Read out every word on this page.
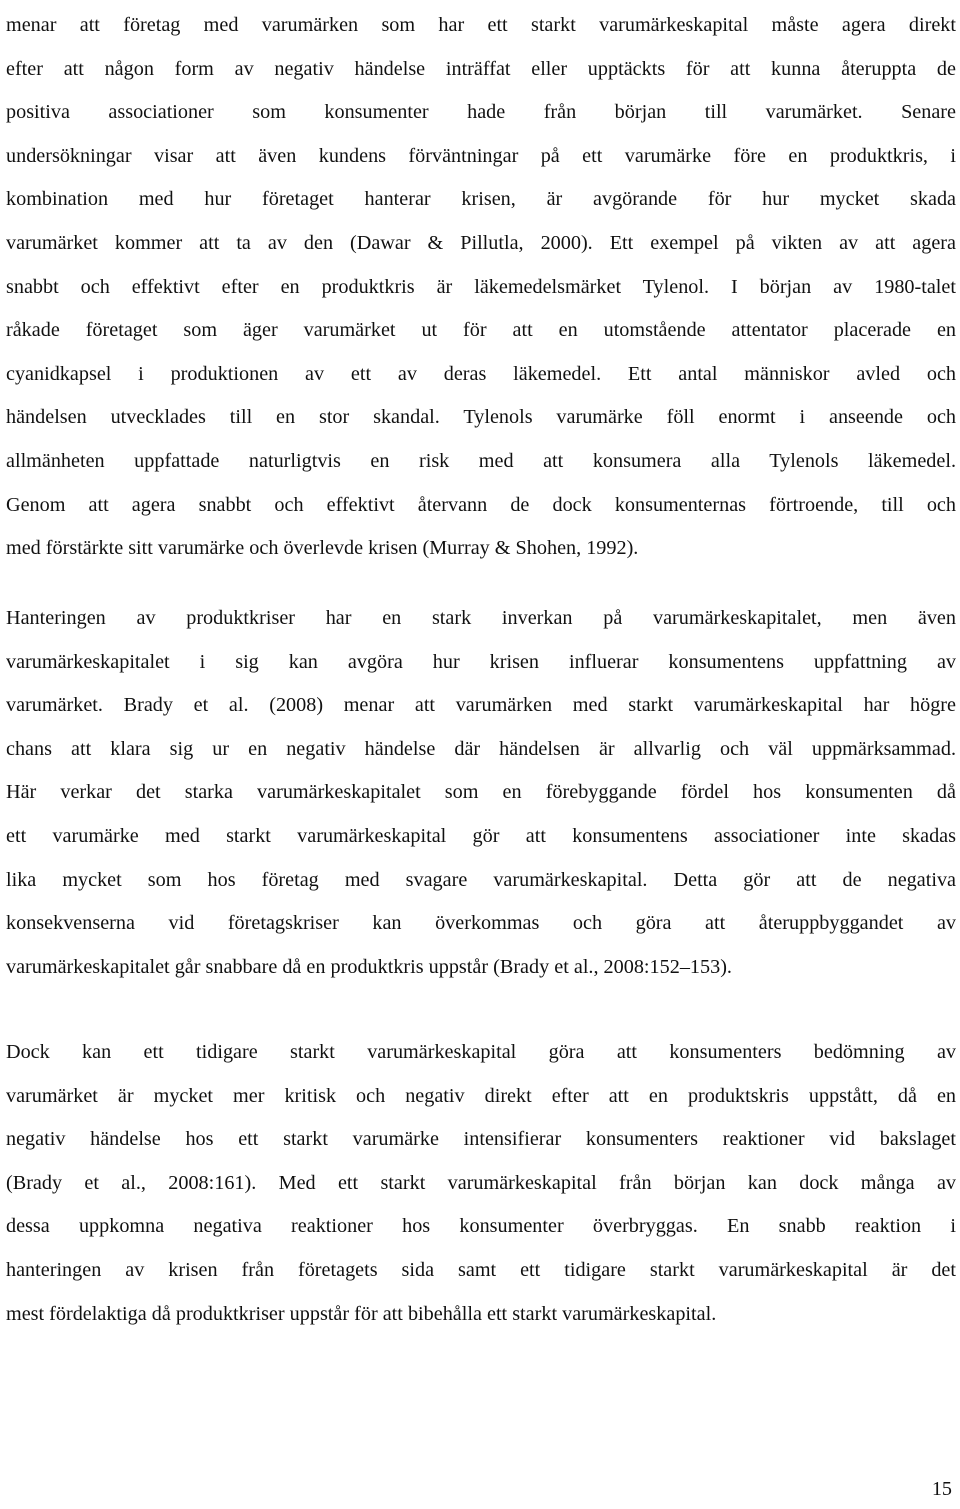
menar att företag med varumärken som har ett starkt varumärkeskapital måste agera direkt
efter att någon form av negativ händelse inträffat eller upptäckts för att kunna återuppta de
positiva associationer som konsumenter hade från början till varumärket. Senare
undersökningar visar att även kundens förväntningar på ett varumärke före en produktkris, i
kombination med hur företaget hanterar krisen, är avgörande för hur mycket skada
varumärket kommer att ta av den (Dawar & Pillutla, 2000). Ett exempel på vikten av att agera
snabbt och effektivt efter en produktkris är läkemedelsmärket Tylenol. I början av 1980-talet
råkade företaget som äger varumärket ut för att en utomstående attentator placerade en
cyanidkapsel i produktionen av ett av deras läkemedel. Ett antal människor avled och
händelsen utvecklades till en stor skandal. Tylenols varumärke föll enormt i anseende och
allmänheten uppfattade naturligtvis en risk med att konsumera alla Tylenols läkemedel.
Genom att agera snabbt och effektivt återvann de dock konsumenternas förtroende, till och
med förstärkte sitt varumärke och överlevde krisen (Murray & Shohen, 1992).
Hanteringen av produktkriser har en stark inverkan på varumärkeskapitalet, men även
varumärkeskapitalet i sig kan avgöra hur krisen influerar konsumentens uppfattning av
varumärket. Brady et al. (2008) menar att varumärken med starkt varumärkeskapital har högre
chans att klara sig ur en negativ händelse där händelsen är allvarlig och väl uppmärksammad.
Här verkar det starka varumärkeskapitalet som en förebyggande fördel hos konsumenten då
ett varumärke med starkt varumärkeskapital gör att konsumentens associationer inte skadas
lika mycket som hos företag med svagare varumärkeskapital. Detta gör att de negativa
konsekvenserna vid företagskriser kan överkommas och göra att återuppbyggandet av
varumärkeskapitalet går snabbare då en produktkris uppstår (Brady et al., 2008:152–153).
Dock kan ett tidigare starkt varumärkeskapital göra att konsumenters bedömning av
varumärket är mycket mer kritisk och negativ direkt efter att en produktskris uppstått, då en
negativ händelse hos ett starkt varumärke intensifierar konsumenters reaktioner vid bakslaget
(Brady et al., 2008:161). Med ett starkt varumärkeskapital från början kan dock många av
dessa uppkomna negativa reaktioner hos konsumenter överbryggas. En snabb reaktion i
hanteringen av krisen från företagets sida samt ett tidigare starkt varumärkeskapital är det
mest fördelaktiga då produktkriser uppstår för att bibehålla ett starkt varumärkeskapital.
15
